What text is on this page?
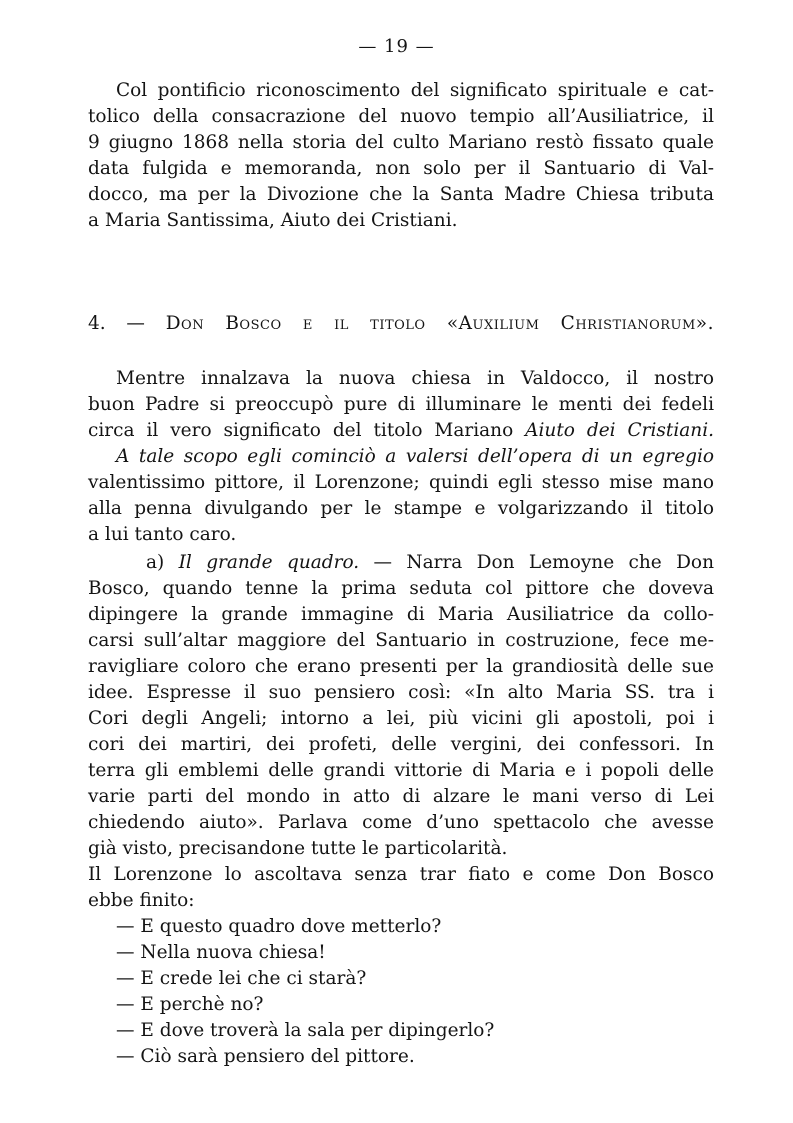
— 19 —
Col pontificio riconoscimento del significato spirituale e cat-
tolico della consacrazione del nuovo tempio all’Ausiliatrice, il
9 giugno 1868 nella storia del culto Mariano restò fissato quale
data fulgida e memoranda, non solo per il Santuario di Val-
docco, ma per la Divozione che la Santa Madre Chiesa tributa
a Maria Santissima, Aiuto dei Cristiani.
4. — Don Bosco e il titolo «Auxilium Christianorum».
Mentre innalzava la nuova chiesa in Valdocco, il nostro
buon Padre si preoccupò pure di illuminare le menti dei fedeli
circa il vero significato del titolo Mariano Aiuto dei Cristiani.
A tale scopo egli cominciò a valersi dell’opera di un egregio
valentissimo pittore, il Lorenzone; quindi egli stesso mise mano
alla penna divulgando per le stampe e volgarizzando il titolo
a lui tanto caro.
a) Il grande quadro. — Narra Don Lemoyne che Don
Bosco, quando tenne la prima seduta col pittore che doveva
dipingere la grande immagine di Maria Ausiliatrice da collo-
carsi sull’altar maggiore del Santuario in costruzione, fece me-
ravigliare coloro che erano presenti per la grandiosità delle sue
idee. Espresse il suo pensiero così: «In alto Maria SS. tra i
Cori degli Angeli; intorno a lei, più vicini gli apostoli, poi i
cori dei martiri, dei profeti, delle vergini, dei confessori. In
terra gli emblemi delle grandi vittorie di Maria e i popoli delle
varie parti del mondo in atto di alzare le mani verso di Lei
chiedendo aiuto». Parlava come d’uno spettacolo che avesse
già visto, precisandone tutte le particolarità.
Il Lorenzone lo ascoltava senza trar fiato e come Don Bosco
ebbe finito:
— E questo quadro dove metterlo?
— Nella nuova chiesa!
— E crede lei che ci starà?
— E perchè no?
— E dove troverà la sala per dipingerlo?
— Ciò sarà pensiero del pittore.
